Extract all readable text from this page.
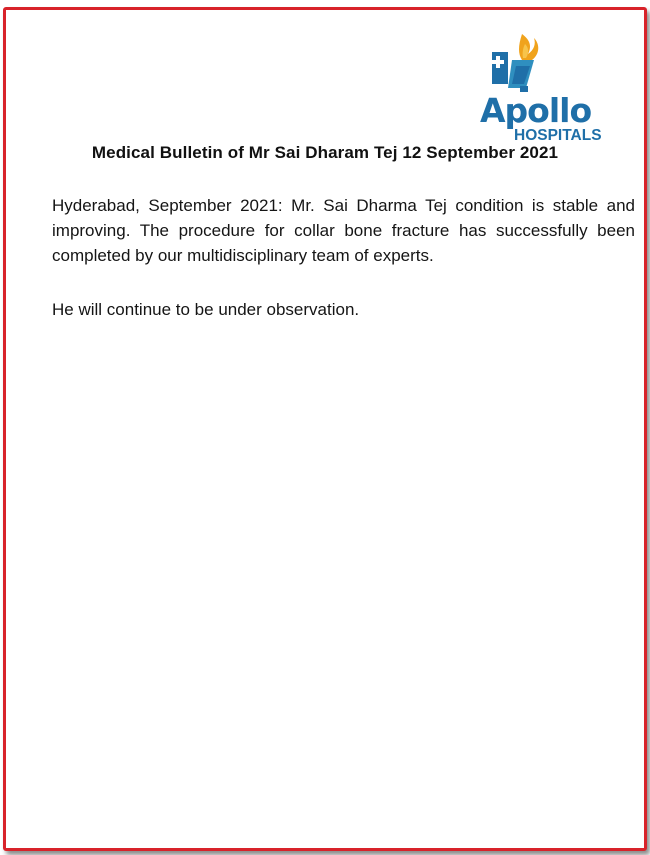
Apollo
HOSPITALS
Medical Bulletin of Mr Sai Dharam Tej 12 September 2021

Hyderabad, September 2021: Mr. Sai Dharma Tej condition is stable and improving. The procedure for collar bone fracture has successfully been completed by our multidisciplinary team of experts.

He will continue to be under observation.
